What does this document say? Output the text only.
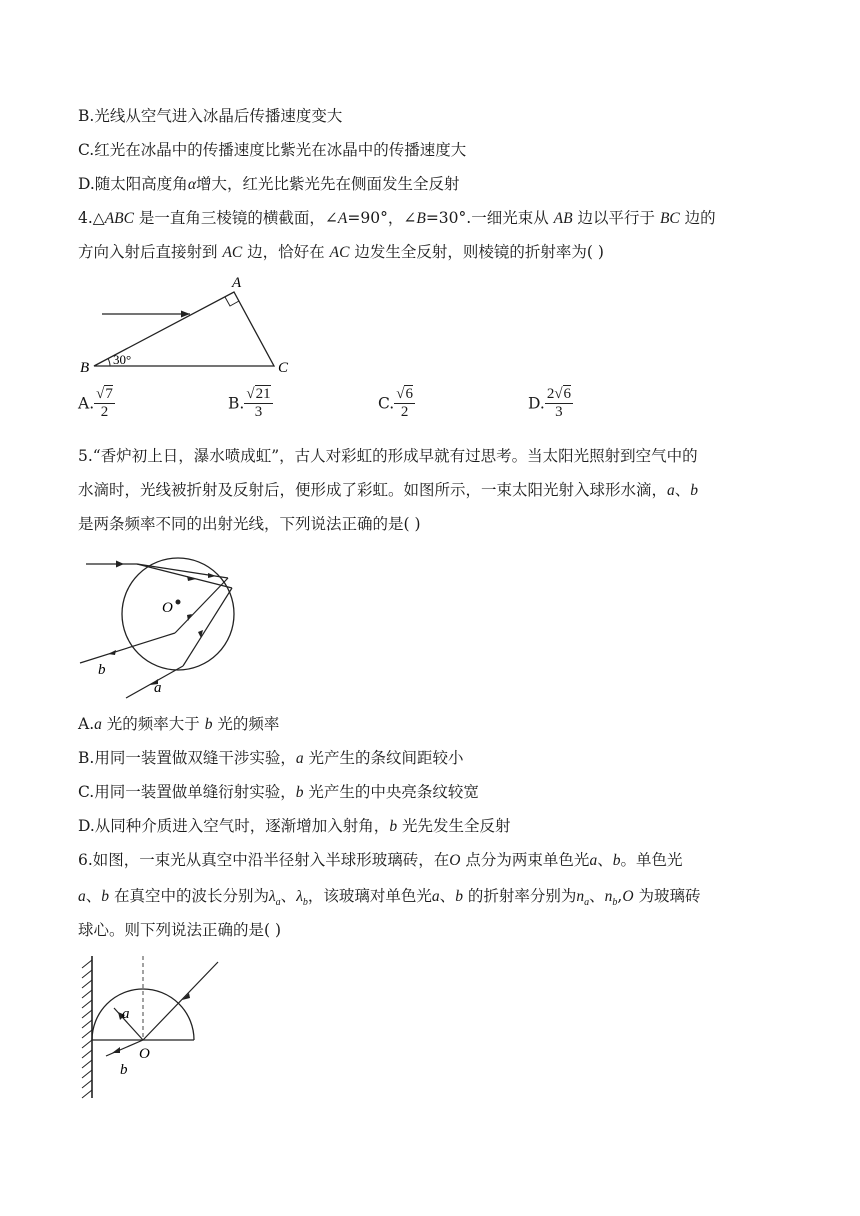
B.光线从空气进入冰晶后传播速度变大
C.红光在冰晶中的传播速度比紫光在冰晶中的传播速度大
D.随太阳高度角α增大，红光比紫光先在侧面发生全反射
4.△ABC 是一直角三棱镜的横截面，∠A=90°，∠B=30°.一细光束从 AB 边以平行于 BC 边的
方向入射后直接射到 AC 边，恰好在 AC 边发生全反射，则棱镜的折射率为( )
B
A
C
30°
A. $\frac{√7}{2}$	B. $\frac{√21}{3}$	C. $\frac{√6}{2}$	D. $\frac{2√6}{3}$
5.“香炉初上日，瀑水喷成虹”，古人对彩虹的形成早就有过思考。当太阳光照射到空气中的
水滴时，光线被折射及反射后，便形成了彩虹。如图所示，一束太阳光射入球形水滴，a、b
是两条频率不同的出射光线，下列说法正确的是( )
O
b
a
A.a 光的频率大于 b 光的频率
B.用同一装置做双缝干涉实验，a 光产生的条纹间距较小
C.用同一装置做单缝衍射实验，b 光产生的中央亮条纹较宽
D.从同种介质进入空气时，逐渐增加入射角，b 光先发生全反射
6.如图，一束光从真空中沿半径射入半球形玻璃砖，在O 点分为两束单色光a、b。单色光
a、b 在真空中的波长分别为$\lambda_a$、$\lambda_b$，该玻璃对单色光a、b 的折射率分别为$n_a$、$n_b,O$ 为玻璃砖
球心。则下列说法正确的是( )
a
O
b
